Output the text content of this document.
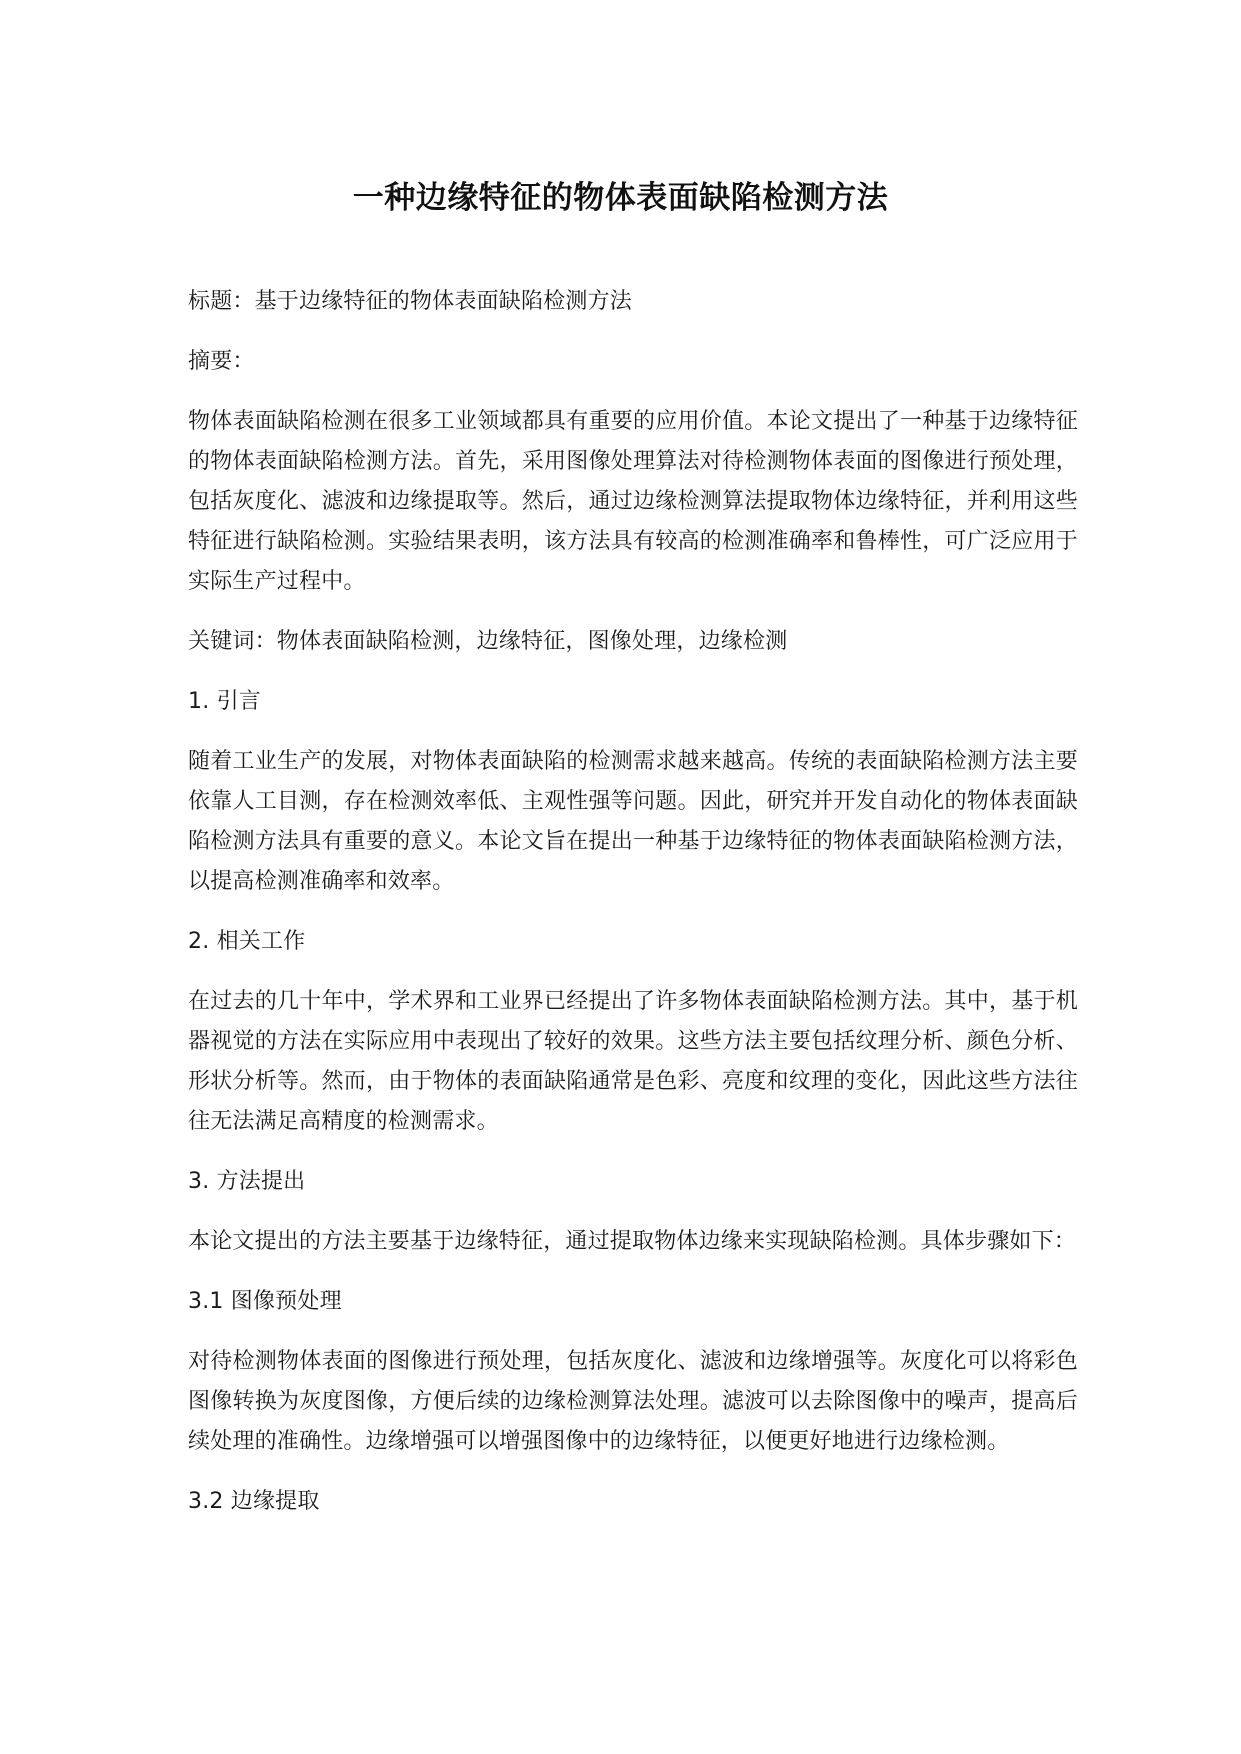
一种边缘特征的物体表面缺陷检测方法

标题：基于边缘特征的物体表面缺陷检测方法

摘要：

物体表面缺陷检测在很多工业领域都具有重要的应用价值。本论文提出了一种基于边缘特征的物体表面缺陷检测方法。首先，采用图像处理算法对待检测物体表面的图像进行预处理，包括灰度化、滤波和边缘提取等。然后，通过边缘检测算法提取物体边缘特征，并利用这些特征进行缺陷检测。实验结果表明，该方法具有较高的检测准确率和鲁棒性，可广泛应用于实际生产过程中。

关键词：物体表面缺陷检测，边缘特征，图像处理，边缘检测

1. 引言

随着工业生产的发展，对物体表面缺陷的检测需求越来越高。传统的表面缺陷检测方法主要依靠人工目测，存在检测效率低、主观性强等问题。因此，研究并开发自动化的物体表面缺陷检测方法具有重要的意义。本论文旨在提出一种基于边缘特征的物体表面缺陷检测方法，以提高检测准确率和效率。

2. 相关工作

在过去的几十年中，学术界和工业界已经提出了许多物体表面缺陷检测方法。其中，基于机器视觉的方法在实际应用中表现出了较好的效果。这些方法主要包括纹理分析、颜色分析、形状分析等。然而，由于物体的表面缺陷通常是色彩、亮度和纹理的变化，因此这些方法往往无法满足高精度的检测需求。

3. 方法提出

本论文提出的方法主要基于边缘特征，通过提取物体边缘来实现缺陷检测。具体步骤如下：

3.1 图像预处理

对待检测物体表面的图像进行预处理，包括灰度化、滤波和边缘增强等。灰度化可以将彩色图像转换为灰度图像，方便后续的边缘检测算法处理。滤波可以去除图像中的噪声，提高后续处理的准确性。边缘增强可以增强图像中的边缘特征，以便更好地进行边缘检测。

3.2 边缘提取
